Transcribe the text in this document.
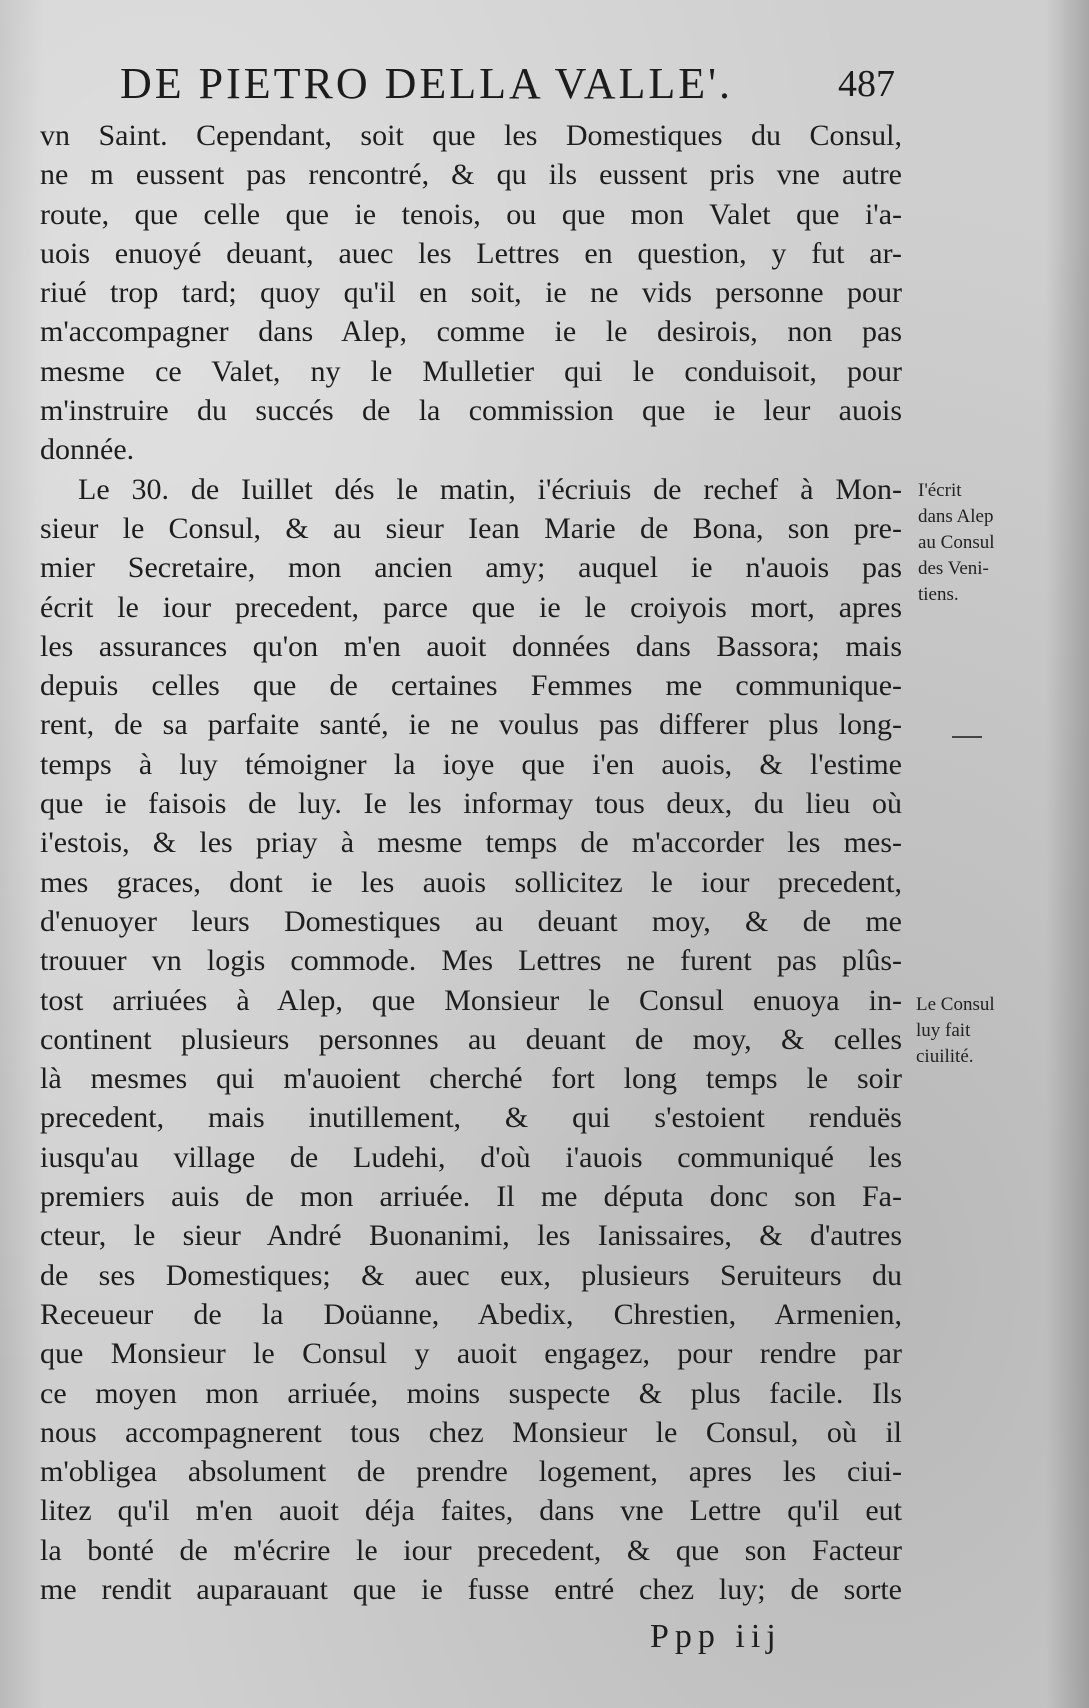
DE PIETRO DELLA VALLE'.	487
vn Saint. Cependant, soit que les Domestiques du Consul,
ne m eussent pas rencontré, & qu ils eussent pris vne autre
route, que celle que ie tenois, ou que mon Valet que i'a-
uois enuoyé deuant, auec les Lettres en question, y fut ar-
riué trop tard; quoy qu'il en soit, ie ne vids personne pour
m'accompagner dans Alep, comme ie le desirois, non pas
mesme ce Valet, ny le Mulletier qui le conduisoit, pour
m'instruire du succés de la commission que ie leur auois
donnée.
Le 30. de Iuillet dés le matin, i'écriuis de rechef à Mon-
sieur le Consul, & au sieur Iean Marie de Bona, son pre-
mier Secretaire, mon ancien amy; auquel ie n'auois pas
écrit le iour precedent, parce que ie le croiyois mort, apres
les assurances qu'on m'en auoit données dans Bassora; mais
depuis celles que de certaines Femmes me communique-
rent, de sa parfaite santé, ie ne voulus pas differer plus long-
temps à luy témoigner la ioye que i'en auois, & l'estime
que ie faisois de luy. Ie les informay tous deux, du lieu où
i'estois, & les priay à mesme temps de m'accorder les mes-
mes graces, dont ie les auois sollicitez le iour precedent,
d'enuoyer leurs Domestiques au deuant moy, & de me
trouuer vn logis commode. Mes Lettres ne furent pas plûs-
tost arriuées à Alep, que Monsieur le Consul enuoya in-
continent plusieurs personnes au deuant de moy, & celles
là mesmes qui m'auoient cherché fort long temps le soir
precedent, mais inutillement, & qui s'estoient renduës
iusqu'au village de Ludehi, d'où i'auois communiqué les
premiers auis de mon arriuée. Il me députa donc son Fa-
cteur, le sieur André Buonanimi, les Ianissaires, & d'autres
de ses Domestiques; & auec eux, plusieurs Seruiteurs du
Receueur de la Doüanne, Abedix, Chrestien, Armenien,
que Monsieur le Consul y auoit engagez, pour rendre par
ce moyen mon arriuée, moins suspecte & plus facile. Ils
nous accompagnerent tous chez Monsieur le Consul, où il
m'obligea absolument de prendre logement, apres les ciui-
litez qu'il m'en auoit déja faites, dans vne Lettre qu'il eut
la bonté de m'écrire le iour precedent, & que son Facteur
me rendit auparauant que ie fusse entré chez luy; de sorte
I'écrit
dans Alep
au Consul
des Veni-
tiens.
Le Consul
luy fait
ciuilité.
Ppp iij
